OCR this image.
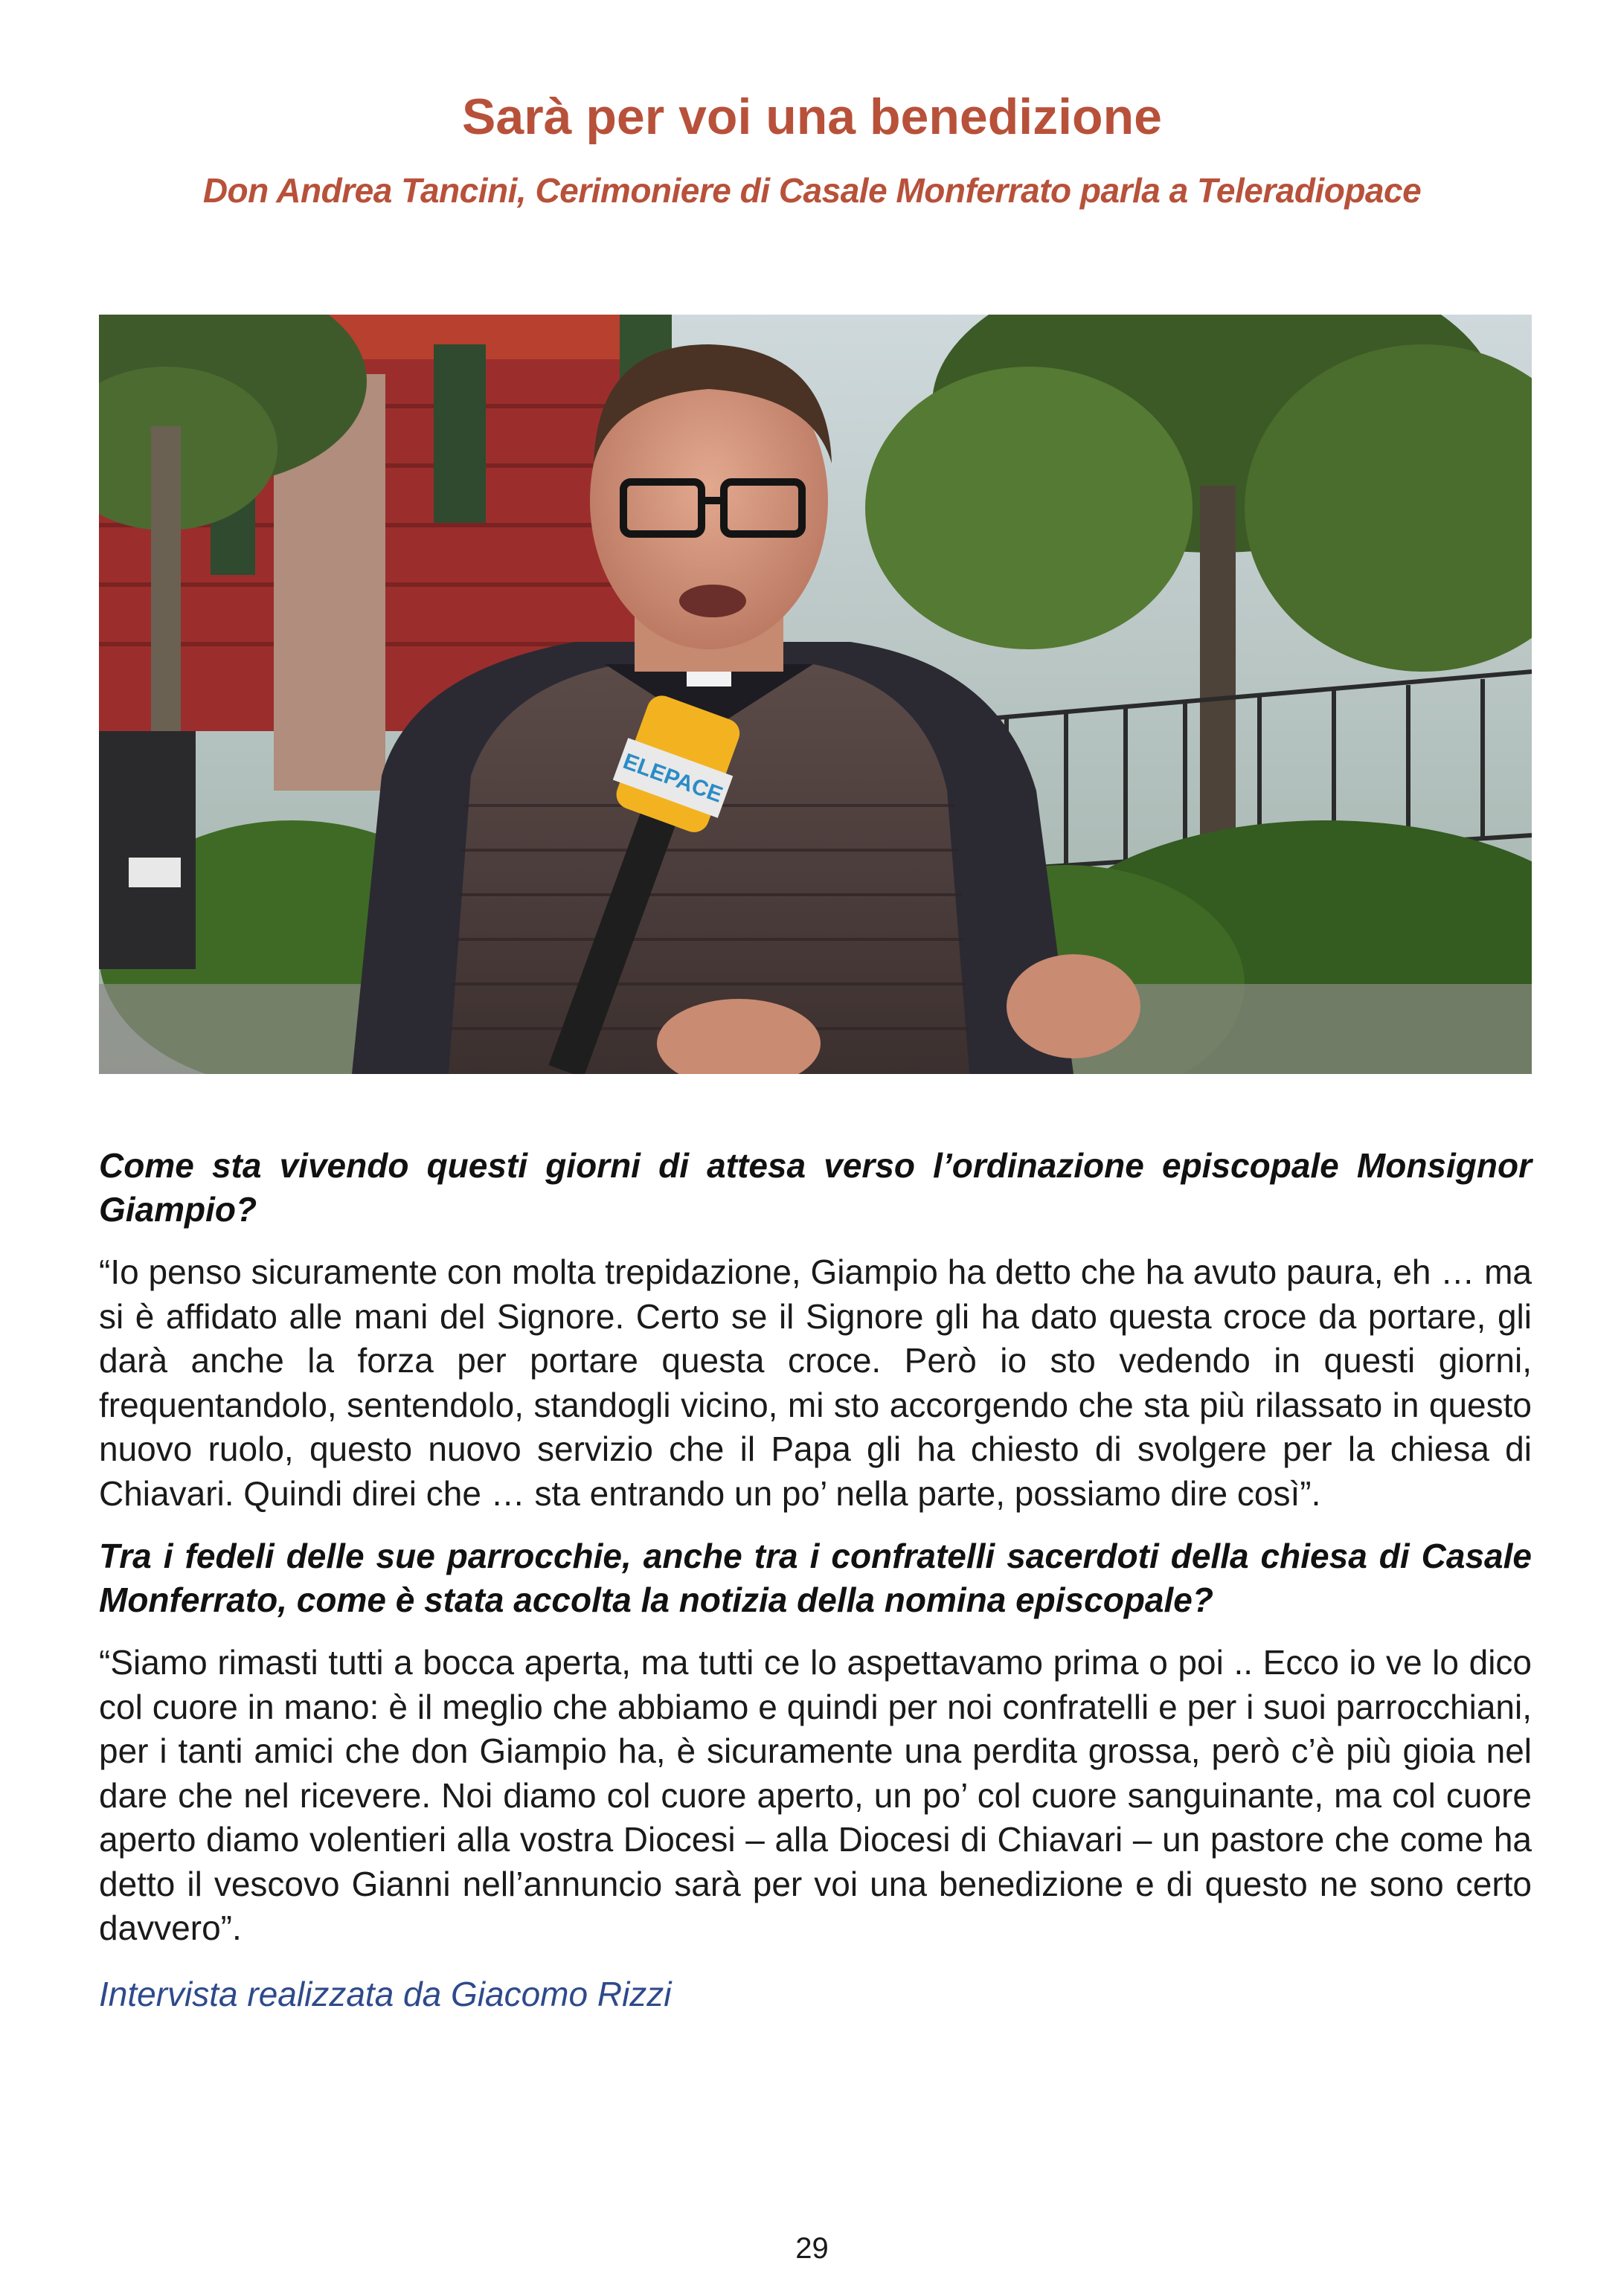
Sarà per voi una benedizione
Don Andrea Tancini, Cerimoniere di Casale Monferrato parla a Teleradiopace
ELEPACE

Come sta vivendo questi giorni di attesa verso l’ordinazione episcopale Monsignor Giampio?

“Io penso sicuramente con molta trepidazione, Giampio ha detto che ha avuto paura, eh … ma si è affidato alle mani del Signore. Certo se il Signore gli ha dato questa croce da portare, gli darà anche la forza per portare questa croce. Però io sto vedendo in questi giorni, frequentandolo, sentendolo, standogli vicino, mi sto accorgendo che sta più rilassato in questo nuovo ruolo, questo nuovo servizio che il Papa gli ha chiesto di svolgere per la chiesa di Chiavari. Quindi direi che … sta entrando un po’ nella parte, possiamo dire così”.

Tra i fedeli delle sue parrocchie, anche tra i confratelli sacerdoti della chiesa di Casale Monferrato, come è stata accolta la notizia della nomina episcopale?

“Siamo rimasti tutti a bocca aperta, ma tutti ce lo aspettavamo prima o poi .. Ecco io ve lo dico col cuore in mano: è il meglio che abbiamo e quindi per noi confratelli e per i suoi parrocchiani, per i tanti amici che don Giampio ha, è sicuramente una perdita grossa, però c’è più gioia nel dare che nel ricevere. Noi diamo col cuore aperto, un po’ col cuore sanguinante, ma col cuore aperto diamo volentieri alla vostra Diocesi – alla Diocesi di Chiavari – un pastore che come ha detto il vescovo Gianni nell’annuncio sarà per voi una benedizione e di questo ne sono certo davvero”.

Intervista realizzata da Giacomo Rizzi

29
